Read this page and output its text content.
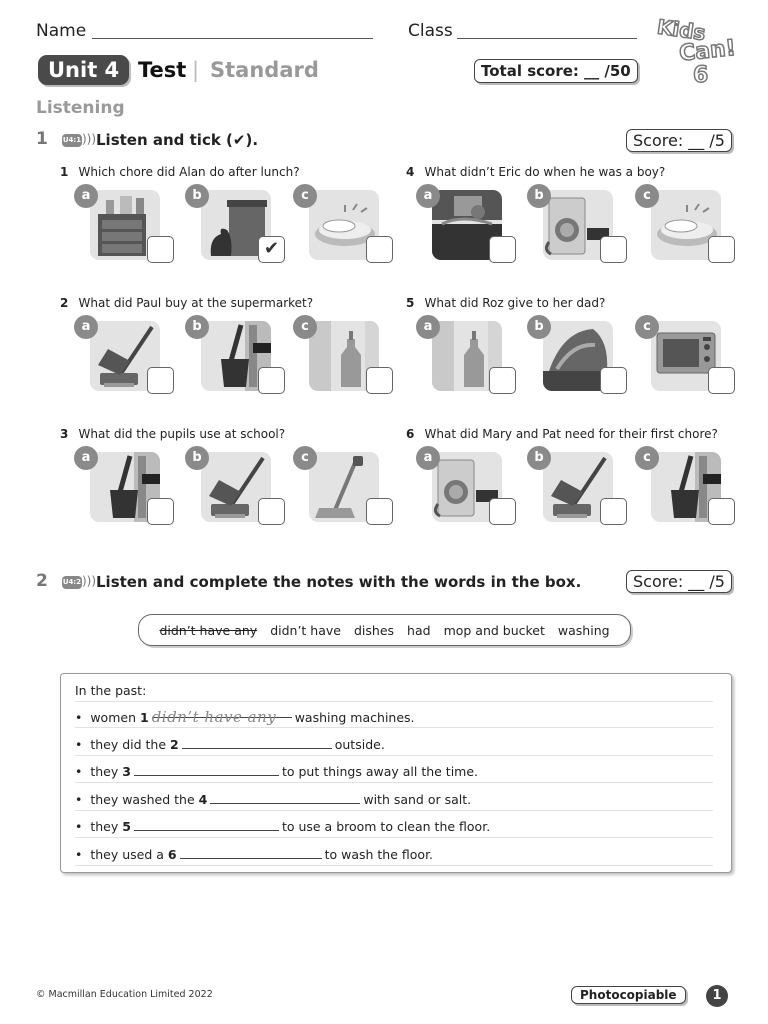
Name	Class	Kids
Can!
6
Unit 4 Test | Standard	Total score: __ /50
Listening
1 U4:1 ))) Listen and tick (✔).	Score: __ /5
1 Which chore did Alan do after lunch?
a	b
✔
c
2 What did Paul buy at the supermarket?
a	b	c
3 What did the pupils use at school?
a	b	c
4 What didn’t Eric do when he was a boy?
a	b	c
5 What did Roz give to her dad?
a	b	c
6 What did Mary and Pat need for their first chore?
a	b	c
2 U4:2 ))) Listen and complete the notes with the words in the box.	Score: __ /5
didn’t have any didn’t have dishes had mop and bucket washing
In the past:
• women 1 didn’t have any washing machines.
• they did the 2	outside.
• they 3	to put things away all the time.
• they washed the 4	with sand or salt.
• they 5	to use a broom to clean the floor.
• they used a 6	to wash the floor.
© Macmillan Education Limited 2022	Photocopiable	1
